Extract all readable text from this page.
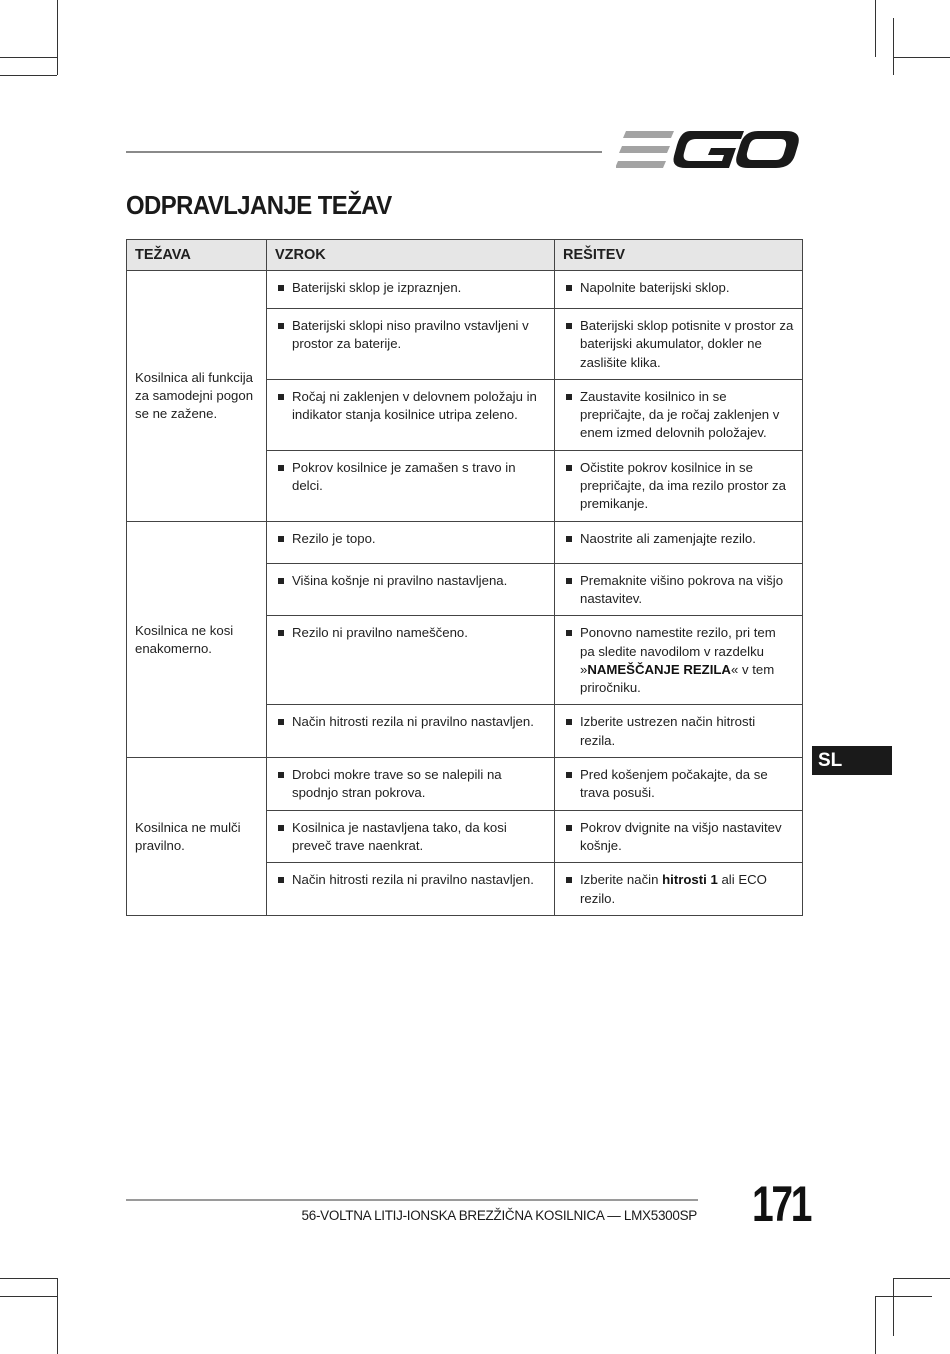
ODPRAVLJANJE TEŽAV
TEŽAVA	VZROK	REŠITEV
Kosilnica ali funkcija za samodejni pogon se ne zažene.	Baterijski sklop je izpraznjen.	Napolnite baterijski sklop.

	Baterijski sklopi niso pravilno vstavljeni v prostor za baterije.	Baterijski sklop potisnite v prostor za baterijski akumulator, dokler ne zaslišite klika.

	Ročaj ni zaklenjen v delovnem položaju in indikator stanja kosilnice utripa zeleno.	Zaustavite kosilnico in se prepričajte, da je ročaj zaklenjen v enem izmed delovnih položajev.

	Pokrov kosilnice je zamašen s travo in delci.	Očistite pokrov kosilnice in se prepričajte, da ima rezilo prostor za premikanje.

Kosilnica ne kosi enakomerno.	Rezilo je topo.	Naostrite ali zamenjajte rezilo.

	Višina košnje ni pravilno nastavljena.	Premaknite višino pokrova na višjo nastavitev.

	Rezilo ni pravilno nameščeno.	Ponovno namestite rezilo, pri tem pa sledite navodilom v razdelku »NAMEŠČANJE REZILA« v tem priročniku.

	Način hitrosti rezila ni pravilno nastavljen.	Izberite ustrezen način hitrosti rezila.

Kosilnica ne mulči pravilno.	Drobci mokre trave so se nalepili na spodnjo stran pokrova.	Pred košenjem počakajte, da se trava posuši.

	Kosilnica je nastavljena tako, da kosi preveč trave naenkrat.	Pokrov dvignite na višjo nastavitev košnje.

	Način hitrosti rezila ni pravilno nastavljen.	Izberite način hitrosti 1 ali ECO rezilo.
SL
56-VOLTNA LITIJ-IONSKA BREZŽIČNA KOSILNICA — LMX5300SP 171
